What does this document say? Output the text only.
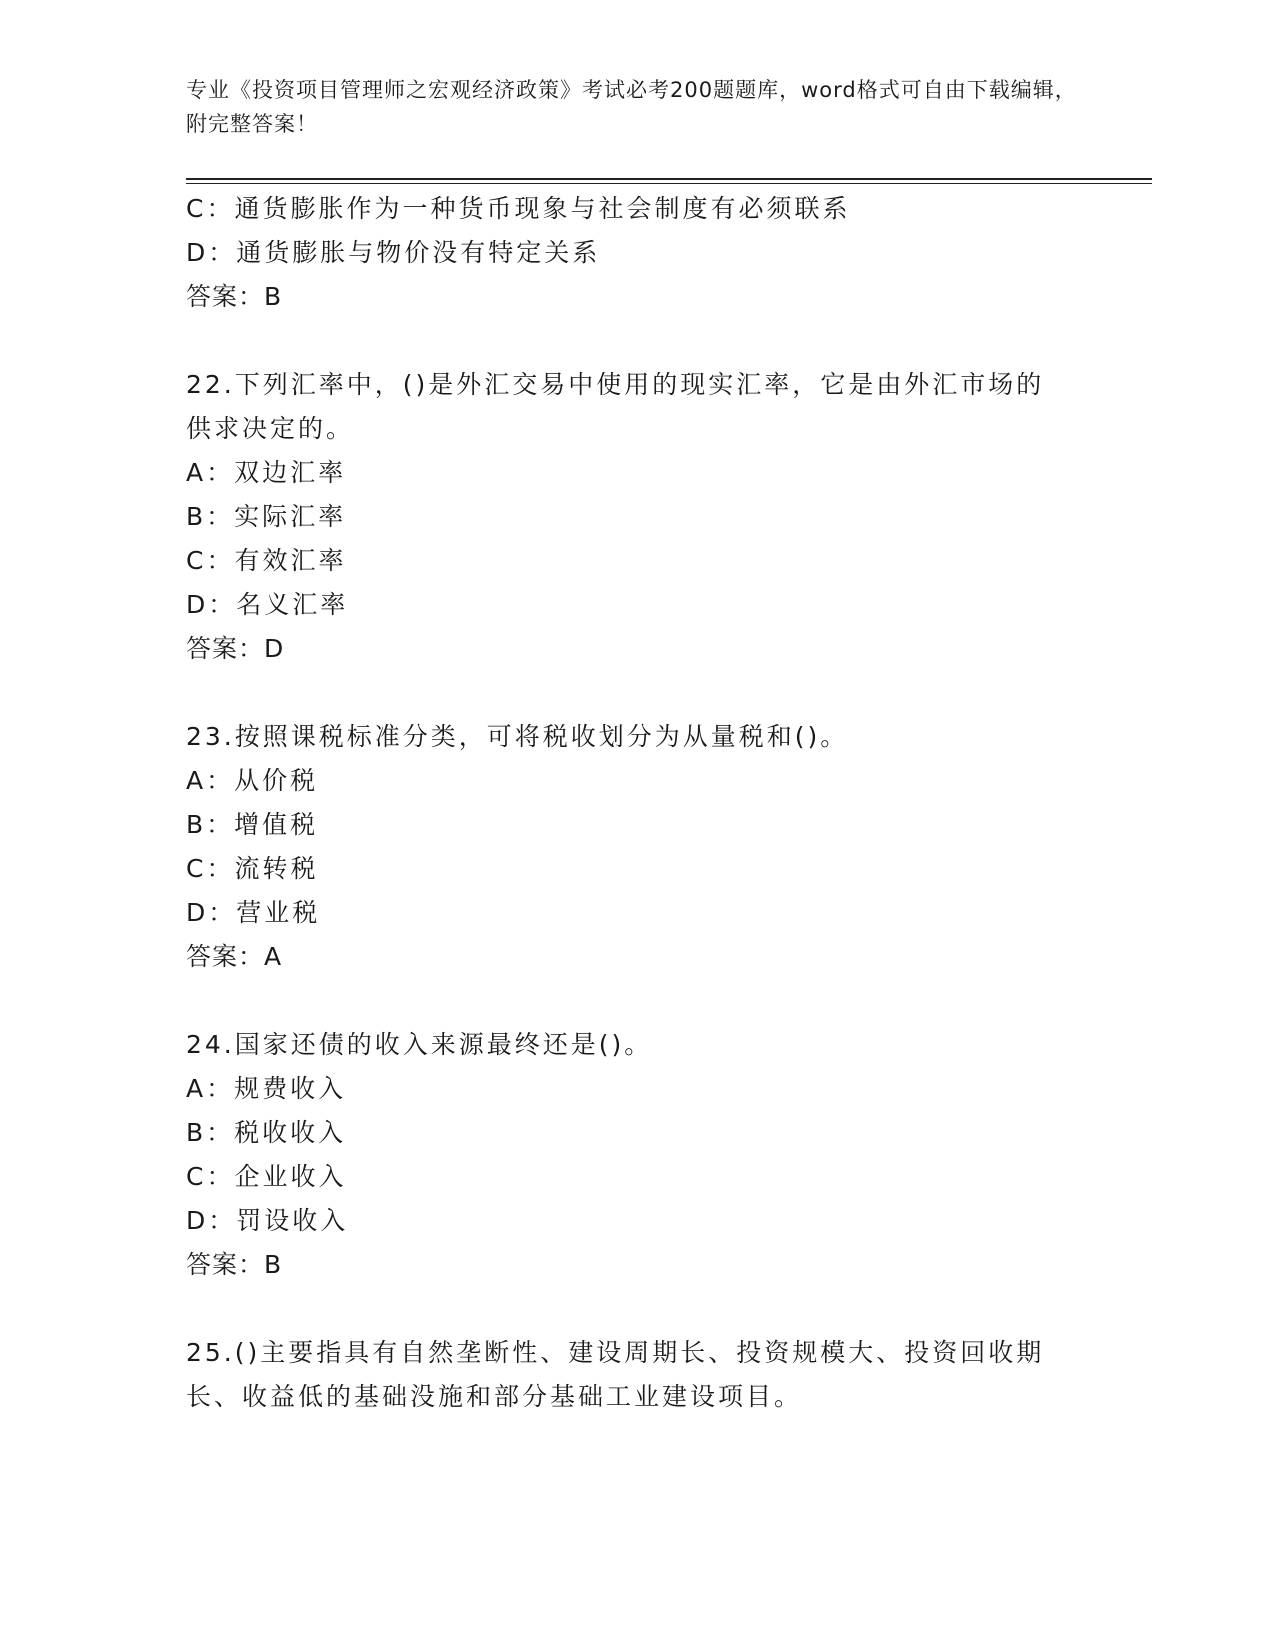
专业《投资项目管理师之宏观经济政策》考试必考200题题库，word格式可自由下载编辑，附完整答案！

C：通货膨胀作为一种货币现象与社会制度有必须联系

D：通货膨胀与物价没有特定关系

答案：B

22.下列汇率中，()是外汇交易中使用的现实汇率，它是由外汇市场的

供求决定的。

A：双边汇率

B：实际汇率

C：有效汇率

D：名义汇率

答案：D

23.按照课税标准分类，可将税收划分为从量税和()。

A：从价税

B：增值税

C：流转税

D：营业税

答案：A

24.国家还债的收入来源最终还是()。

A：规费收入

B：税收收入

C：企业收入

D：罚设收入

答案：B

25.()主要指具有自然垄断性、建设周期长、投资规模大、投资回收期

长、收益低的基础没施和部分基础工业建设项目。
